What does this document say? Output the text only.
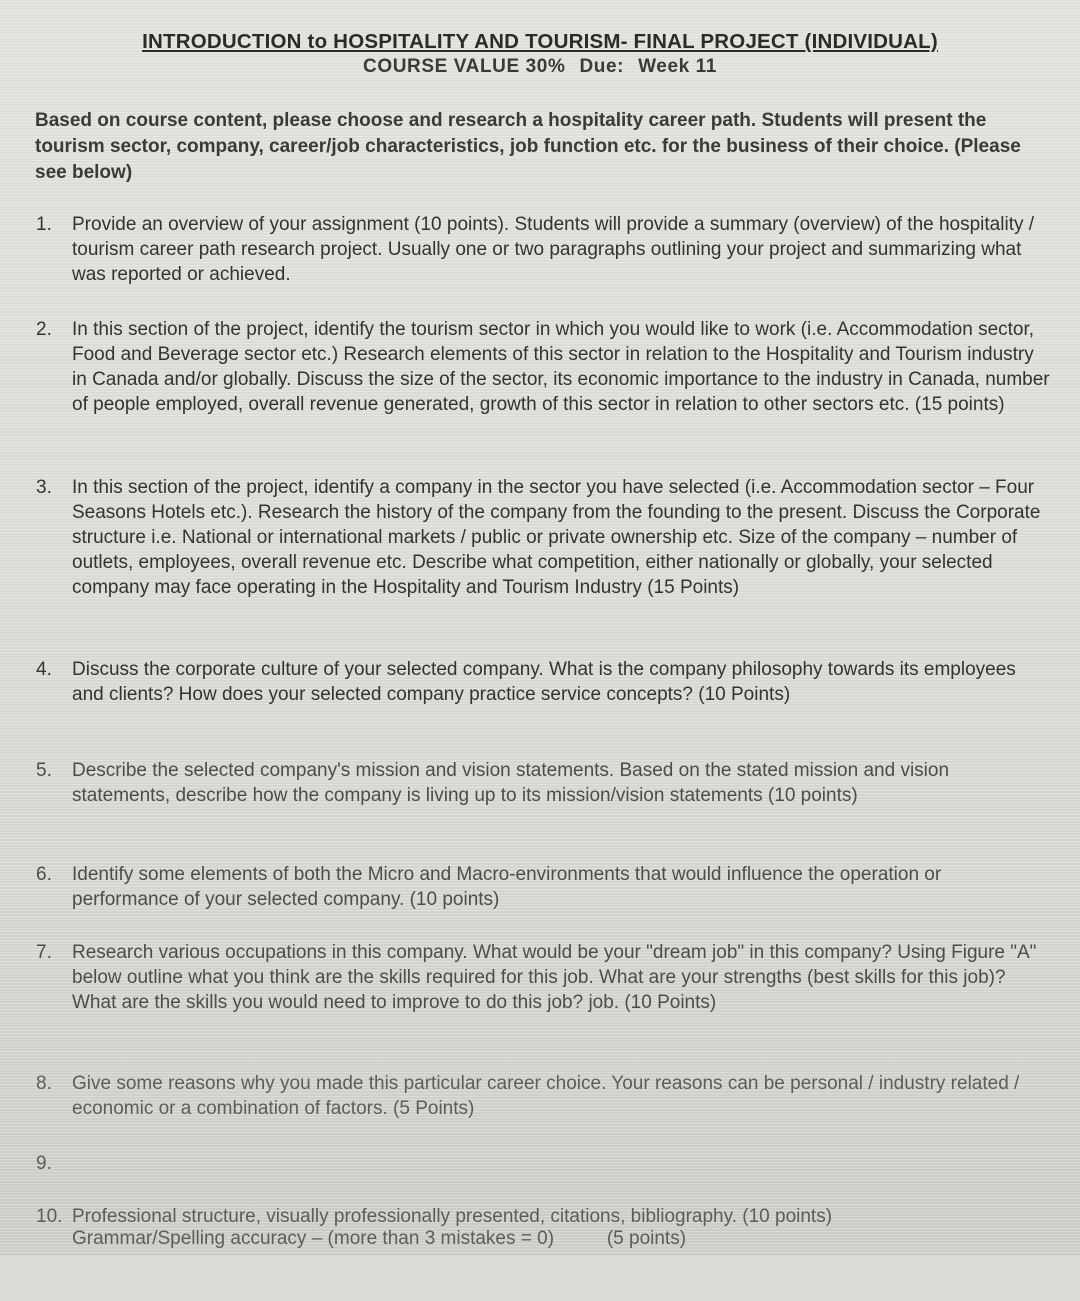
INTRODUCTION to HOSPITALITY AND TOURISM- FINAL PROJECT (INDIVIDUAL)
COURSE VALUE 30% Due: Week 11
Based on course content, please choose and research a hospitality career path. Students will present the tourism sector, company, career/job characteristics, job function etc. for the business of their choice. (Please see below)
1.	Provide an overview of your assignment (10 points). Students will provide a summary (overview) of the hospitality / tourism career path research project. Usually one or two paragraphs outlining your project and summarizing what was reported or achieved.
2.	In this section of the project, identify the tourism sector in which you would like to work (i.e. Accommodation sector, Food and Beverage sector etc.) Research elements of this sector in relation to the Hospitality and Tourism industry in Canada and/or globally. Discuss the size of the sector, its economic importance to the industry in Canada, number of people employed, overall revenue generated, growth of this sector in relation to other sectors etc. (15 points)
3.	In this section of the project, identify a company in the sector you have selected (i.e. Accommodation sector – Four Seasons Hotels etc.). Research the history of the company from the founding to the present. Discuss the Corporate structure i.e. National or international markets / public or private ownership etc. Size of the company – number of outlets, employees, overall revenue etc. Describe what competition, either nationally or globally, your selected company may face operating in the Hospitality and Tourism Industry (15 Points)
4.	Discuss the corporate culture of your selected company. What is the company philosophy towards its employees and clients? How does your selected company practice service concepts? (10 Points)
5.	Describe the selected company's mission and vision statements. Based on the stated mission and vision statements, describe how the company is living up to its mission/vision statements (10 points)
6.	Identify some elements of both the Micro and Macro-environments that would influence the operation or performance of your selected company. (10 points)
7.	Research various occupations in this company. What would be your "dream job" in this company? Using Figure "A" below outline what you think are the skills required for this job. What are your strengths (best skills for this job)? What are the skills you would need to improve to do this job? job. (10 Points)
8.	Give some reasons why you made this particular career choice. Your reasons can be personal / industry related / economic or a combination of factors. (5 Points)

9.

Grammar/Spelling accuracy – (more than 3 mistakes = 0)          (5 points)

10. Professional structure, visually professionally presented, citations, bibliography. (10 points)
